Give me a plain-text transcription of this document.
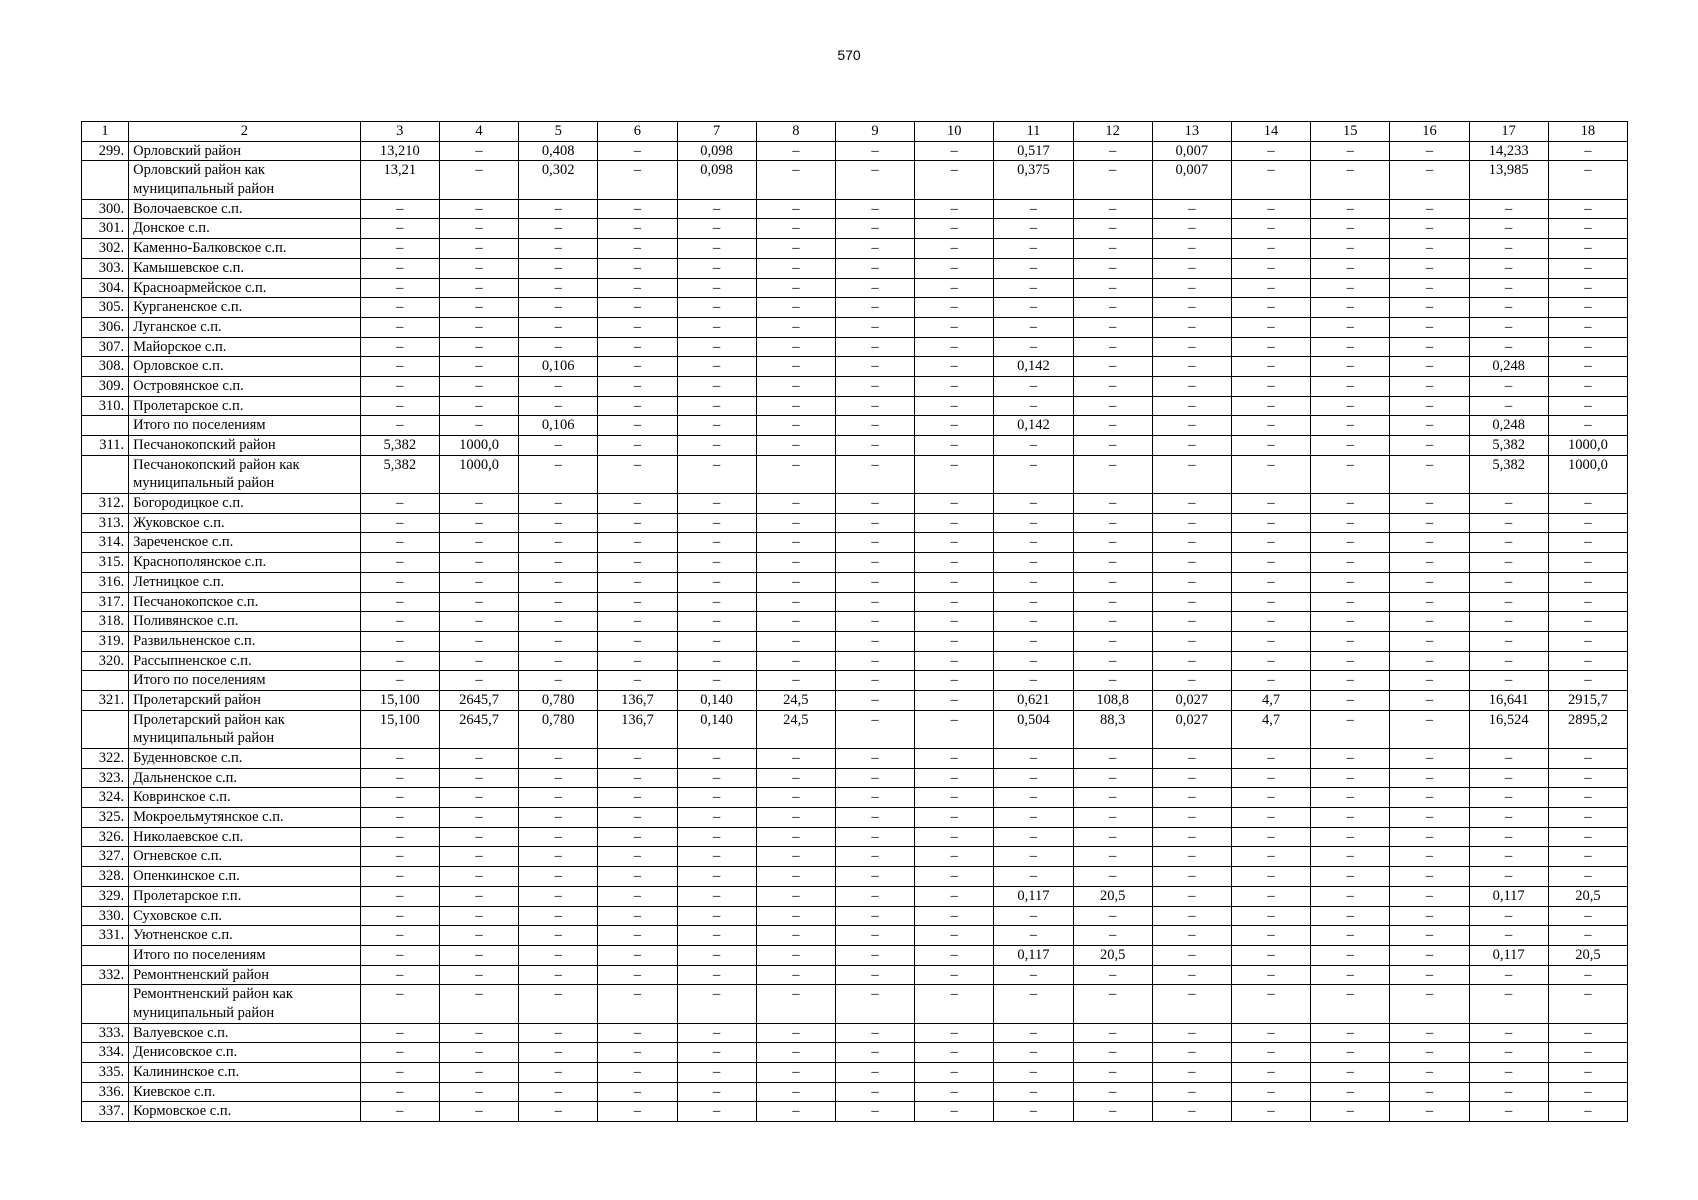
570
1	2	3	4	5	6	7	8	9	10	11	12	13	14	15	16	17	18
299.	Орловский район	13,210	–	0,408	–	0,098	–	–	–	0,517	–	0,007	–	–	–	14,233	–
	Орловский район как муниципальный район	13,21	–	0,302	–	0,098	–	–	–	0,375	–	0,007	–	–	–	13,985	–
300.	Волочаевское с.п.	–	–	–	–	–	–	–	–	–	–	–	–	–	–	–	–
301.	Донское с.п.	–	–	–	–	–	–	–	–	–	–	–	–	–	–	–	–
302.	Каменно-Балковское с.п.	–	–	–	–	–	–	–	–	–	–	–	–	–	–	–	–
303.	Камышевское с.п.	–	–	–	–	–	–	–	–	–	–	–	–	–	–	–	–
304.	Красноармейское с.п.	–	–	–	–	–	–	–	–	–	–	–	–	–	–	–	–
305.	Курганенское с.п.	–	–	–	–	–	–	–	–	–	–	–	–	–	–	–	–
306.	Луганское с.п.	–	–	–	–	–	–	–	–	–	–	–	–	–	–	–	–
307.	Майорское с.п.	–	–	–	–	–	–	–	–	–	–	–	–	–	–	–	–
308.	Орловское с.п.	–	–	0,106	–	–	–	–	–	0,142	–	–	–	–	–	0,248	–
309.	Островянское с.п.	–	–	–	–	–	–	–	–	–	–	–	–	–	–	–	–
310.	Пролетарское с.п.	–	–	–	–	–	–	–	–	–	–	–	–	–	–	–	–
	Итого по поселениям	–	–	0,106	–	–	–	–	–	0,142	–	–	–	–	–	0,248	–
311.	Песчанокопский район	5,382	1000,0	–	–	–	–	–	–	–	–	–	–	–	–	5,382	1000,0
	Песчанокопский район как муниципальный район	5,382	1000,0	–	–	–	–	–	–	–	–	–	–	–	–	5,382	1000,0
312.	Богородицкое с.п.	–	–	–	–	–	–	–	–	–	–	–	–	–	–	–	–
313.	Жуковское с.п.	–	–	–	–	–	–	–	–	–	–	–	–	–	–	–	–
314.	Зареченское с.п.	–	–	–	–	–	–	–	–	–	–	–	–	–	–	–	–
315.	Краснополянское с.п.	–	–	–	–	–	–	–	–	–	–	–	–	–	–	–	–
316.	Летницкое с.п.	–	–	–	–	–	–	–	–	–	–	–	–	–	–	–	–
317.	Песчанокопское с.п.	–	–	–	–	–	–	–	–	–	–	–	–	–	–	–	–
318.	Поливянское с.п.	–	–	–	–	–	–	–	–	–	–	–	–	–	–	–	–
319.	Развильненское с.п.	–	–	–	–	–	–	–	–	–	–	–	–	–	–	–	–
320.	Рассыпненское с.п.	–	–	–	–	–	–	–	–	–	–	–	–	–	–	–	–
	Итого по поселениям	–	–	–	–	–	–	–	–	–	–	–	–	–	–	–	–
321.	Пролетарский район	15,100	2645,7	0,780	136,7	0,140	24,5	–	–	0,621	108,8	0,027	4,7	–	–	16,641	2915,7
	Пролетарский район как муниципальный район	15,100	2645,7	0,780	136,7	0,140	24,5	–	–	0,504	88,3	0,027	4,7	–	–	16,524	2895,2
322.	Буденновское с.п.	–	–	–	–	–	–	–	–	–	–	–	–	–	–	–	–
323.	Дальненское с.п.	–	–	–	–	–	–	–	–	–	–	–	–	–	–	–	–
324.	Ковринское с.п.	–	–	–	–	–	–	–	–	–	–	–	–	–	–	–	–
325.	Мокроельмутянское с.п.	–	–	–	–	–	–	–	–	–	–	–	–	–	–	–	–
326.	Николаевское с.п.	–	–	–	–	–	–	–	–	–	–	–	–	–	–	–	–
327.	Огневское с.п.	–	–	–	–	–	–	–	–	–	–	–	–	–	–	–	–
328.	Опенкинское с.п.	–	–	–	–	–	–	–	–	–	–	–	–	–	–	–	–
329.	Пролетарское г.п.	–	–	–	–	–	–	–	–	0,117	20,5	–	–	–	–	0,117	20,5
330.	Суховское с.п.	–	–	–	–	–	–	–	–	–	–	–	–	–	–	–	–
331.	Уютненское с.п.	–	–	–	–	–	–	–	–	–	–	–	–	–	–	–	–
	Итого по поселениям	–	–	–	–	–	–	–	–	0,117	20,5	–	–	–	–	0,117	20,5
332.	Ремонтненский район	–	–	–	–	–	–	–	–	–	–	–	–	–	–	–	–
	Ремонтненский район как муниципальный район	–	–	–	–	–	–	–	–	–	–	–	–	–	–	–	–
333.	Валуевское с.п.	–	–	–	–	–	–	–	–	–	–	–	–	–	–	–	–
334.	Денисовское с.п.	–	–	–	–	–	–	–	–	–	–	–	–	–	–	–	–
335.	Калининское с.п.	–	–	–	–	–	–	–	–	–	–	–	–	–	–	–	–
336.	Киевское с.п.	–	–	–	–	–	–	–	–	–	–	–	–	–	–	–	–
337.	Кормовское с.п.	–	–	–	–	–	–	–	–	–	–	–	–	–	–	–	–
